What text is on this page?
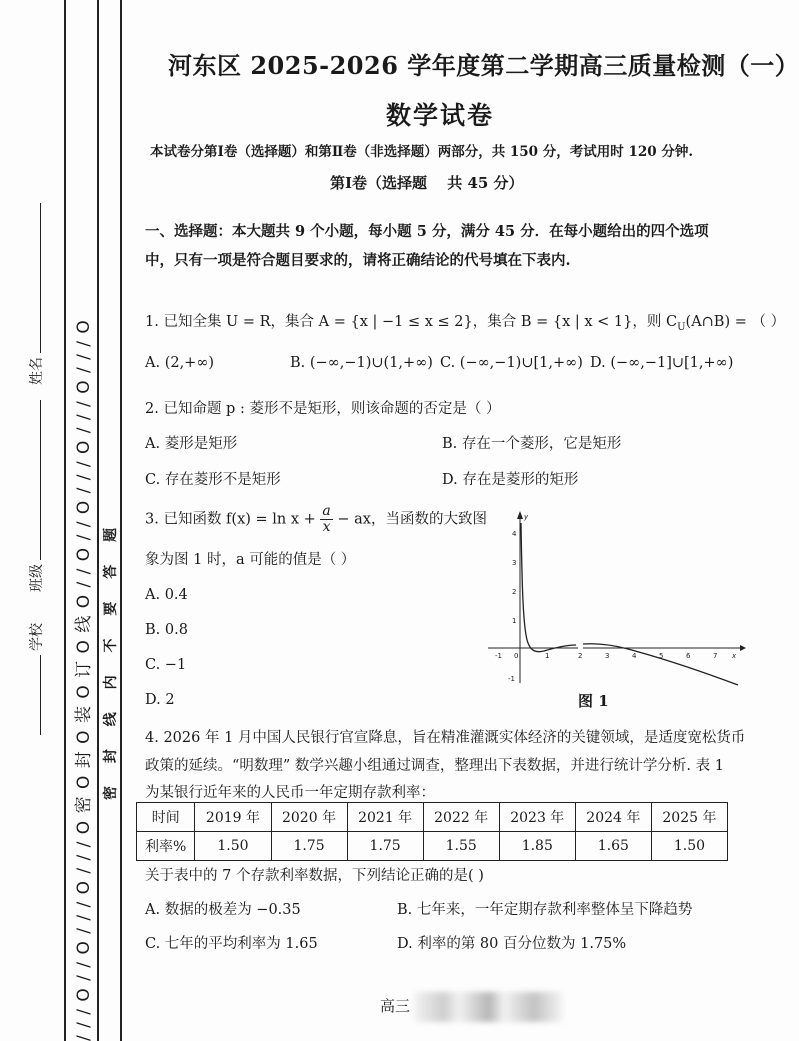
/ / / O / / O / / / O / / / O 密 O 封 O 装 O 订 O 线 O / / O / / O / / / O / / / O / / / O 密 封 线 内 不 要 答 题
学校
班级
姓名
河东区 2025-2026 学年度第二学期高三质量检测（一）
数学试卷
本试卷分第Ⅰ卷（选择题）和第Ⅱ卷（非选择题）两部分，共 150 分，考试用时 120 分钟.
第Ⅰ卷（选择题　 共 45 分）
一、选择题：本大题共 9 个小题，每小题 5 分，满分 45 分．在每小题给出的四个选项
中，只有一项是符合题目要求的，请将正确结论的代号填在下表内.
1. 已知全集 U = R，集合 A = {x | −1 ≤ x ≤ 2}，集合 B = {x | x < 1}，则 $C_U(A\cap B)$ = （ ）
A. (2,+∞)	B. (−∞,−1)∪(1,+∞) C. (−∞,−1)∪[1,+∞) D. (−∞,−1]∪[1,+∞)
2. 已知命题 p : 菱形不是矩形，则该命题的否定是（ ）
A. 菱形是矩形	B. 存在一个菱形，它是矩形
C. 存在菱形不是矩形	D. 存在是菱形的矩形
3. 已知函数 $f(x) = \ln x + \frac{a}{x}$ − ax，当函数的大致图
象为图 1 时，a 可能的值是（ ）
A. 0.4
B. 0.8
C. −1
D. 2
-1 0	1	2	3	4	5	6	7 x
y
4
3
2
1
-1
图 1
4. 2026 年 1 月中国人民银行官宣降息，旨在精准灌溉实体经济的关键领域，是适度宽松货币
政策的延续。“明数理” 数学兴趣小组通过调查，整理出下表数据，并进行统计学分析. 表 1
为某银行近年来的人民币一年定期存款利率：
时间	2019 年	2020 年	2021 年	2022 年	2023 年	2024 年	2025 年
利率%	1.50	1.75	1.75	1.55	1.85	1.65	1.50
关于表中的 7 个存款利率数据，下列结论正确的是( )
A. 数据的极差为 −0.35	B. 七年来，一年定期存款利率整体呈下降趋势
C. 七年的平均利率为 1.65	D. 利率的第 80 百分位数为 1.75%
高三
